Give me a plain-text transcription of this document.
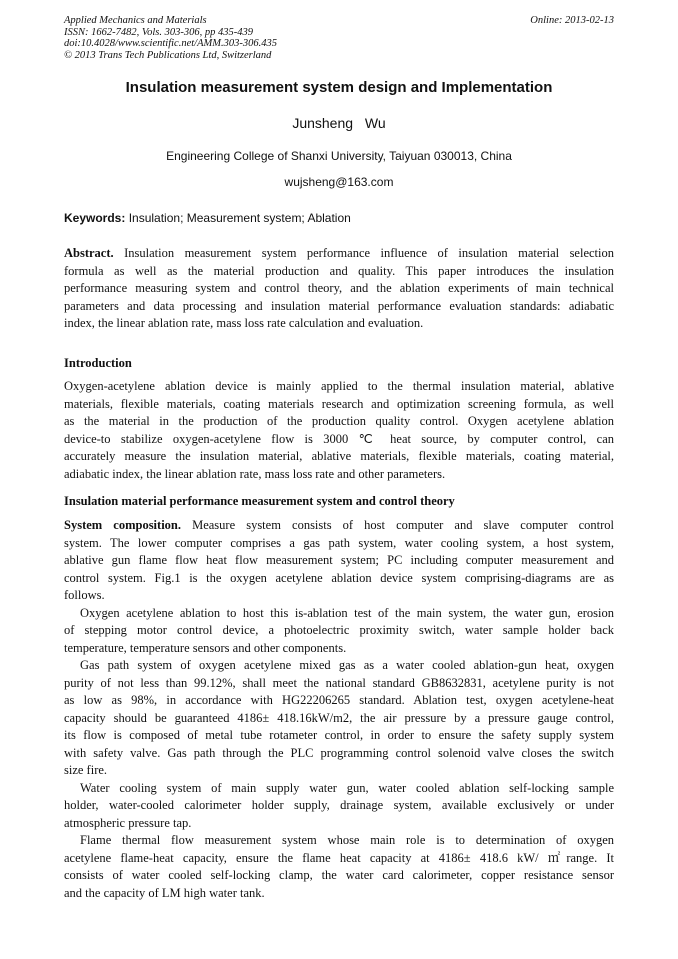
Applied Mechanics and Materials
ISSN: 1662-7482, Vols. 303-306, pp 435-439
doi:10.4028/www.scientific.net/AMM.303-306.435
© 2013 Trans Tech Publications Ltd, Switzerland
Online: 2013-02-13
Insulation measurement system design and Implementation
Junsheng Wu
Engineering College of Shanxi University, Taiyuan 030013, China
wujsheng@163.com
Keywords: Insulation; Measurement system; Ablation
Abstract. Insulation measurement system performance influence of insulation material selection
formula as well as the material production and quality. This paper introduces the insulation
performance measuring system and control theory, and the ablation experiments of main technical
parameters and data processing and insulation material performance evaluation standards: adiabatic
index, the linear ablation rate, mass loss rate calculation and evaluation.
Introduction
Oxygen-acetylene ablation device is mainly applied to the thermal insulation material, ablative
materials, flexible materials, coating materials research and optimization screening formula, as well
as the material in the production of the production quality control. Oxygen acetylene ablation
device-to stabilize oxygen-acetylene flow is 3000 ℃ heat source, by computer control, can
accurately measure the insulation material, ablative materials, flexible materials, coating material,
adiabatic index, the linear ablation rate, mass loss rate and other parameters.
Insulation material performance measurement system and control theory
System composition. Measure system consists of host computer and slave computer control
system. The lower computer comprises a gas path system, water cooling system, a host system,
ablative gun flame flow heat flow measurement system; PC including computer measurement and
control system. Fig.1 is the oxygen acetylene ablation device system comprising-diagrams are as
follows.
Oxygen acetylene ablation to host this is-ablation test of the main system, the water gun, erosion
of stepping motor control device, a photoelectric proximity switch, water sample holder back
temperature, temperature sensors and other components.
Gas path system of oxygen acetylene mixed gas as a water cooled ablation-gun heat, oxygen
purity of not less than 99.12%, shall meet the national standard GB8632831, acetylene purity is not
as low as 98%, in accordance with HG22206265 standard. Ablation test, oxygen acetylene-heat
capacity should be guaranteed 4186± 418.16kW/m2, the air pressure by a pressure gauge control,
its flow is composed of metal tube rotameter control, in order to ensure the safety supply system
with safety valve. Gas path through the PLC programming control solenoid valve closes the switch
size fire.
Water cooling system of main supply water gun, water cooled ablation self-locking sample
holder, water-cooled calorimeter holder supply, drainage system, available exclusively or under
atmospheric pressure tap.
Flame thermal flow measurement system whose main role is to determination of oxygen
acetylene flame-heat capacity, ensure the flame heat capacity at 4186± 418.6 kW/ ㎡range. It
consists of water cooled self-locking clamp, the water card calorimeter, copper resistance sensor
and the capacity of LM high water tank.
